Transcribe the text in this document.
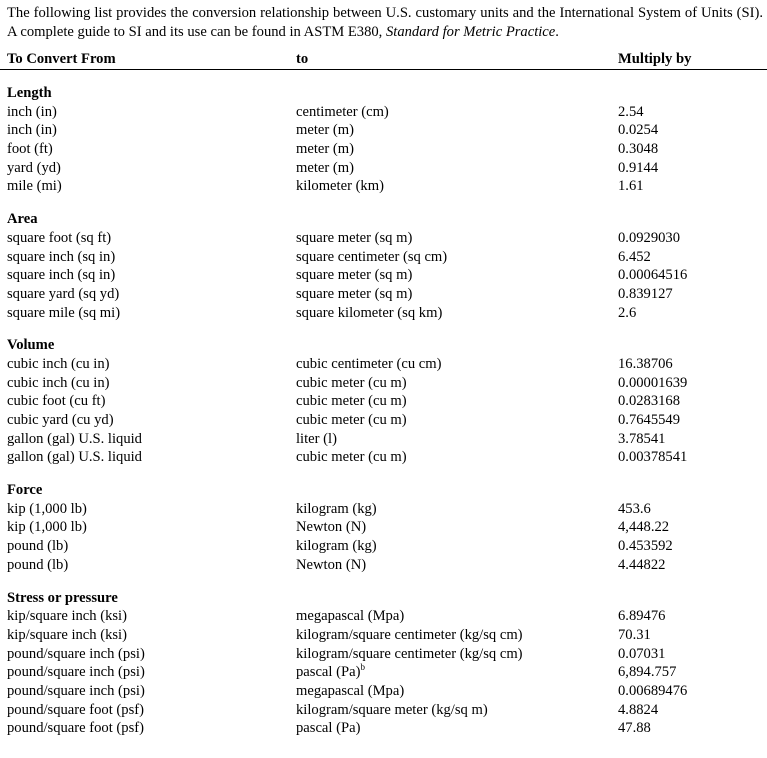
The following list provides the conversion relationship between U.S. customary units and the International System of Units (SI). A complete guide to SI and its use can be found in ASTM E380, Standard for Metric Practice.
To Convert From	to	Multiply by
Length
inch (in)	centimeter (cm)	2.54
inch (in)	meter (m)	0.0254
foot (ft)	meter (m)	0.3048
yard (yd)	meter (m)	0.9144
mile (mi)	kilometer (km)	1.61
Area
square foot (sq ft)	square meter (sq m)	0.0929030
square inch (sq in)	square centimeter (sq cm)	6.452
square inch (sq in)	square meter (sq m)	0.00064516
square yard (sq yd)	square meter (sq m)	0.839127
square mile (sq mi)	square kilometer (sq km)	2.6
Volume
cubic inch (cu in)	cubic centimeter (cu cm)	16.38706
cubic inch (cu in)	cubic meter (cu m)	0.00001639
cubic foot (cu ft)	cubic meter (cu m)	0.0283168
cubic yard (cu yd)	cubic meter (cu m)	0.7645549
gallon (gal) U.S. liquid	liter (l)	3.78541
gallon (gal) U.S. liquid	cubic meter (cu m)	0.00378541
Force
kip (1,000 lb)	kilogram (kg)	453.6
kip (1,000 lb)	Newton (N)	4,448.22
pound (lb)	kilogram (kg)	0.453592
pound (lb)	Newton (N)	4.44822
Stress or pressure
kip/square inch (ksi)	megapascal (Mpa)	6.89476
kip/square inch (ksi)	kilogram/square centimeter (kg/sq cm)	70.31
pound/square inch (psi)	kilogram/square centimeter (kg/sq cm)	0.07031
pound/square inch (psi)	pascal $(Pa)^b$	6,894.757
pound/square inch (psi)	megapascal (Mpa)	0.00689476
pound/square foot (psf)	kilogram/square meter (kg/sq m)	4.8824
pound/square foot (psf)	pascal (Pa)	47.88
